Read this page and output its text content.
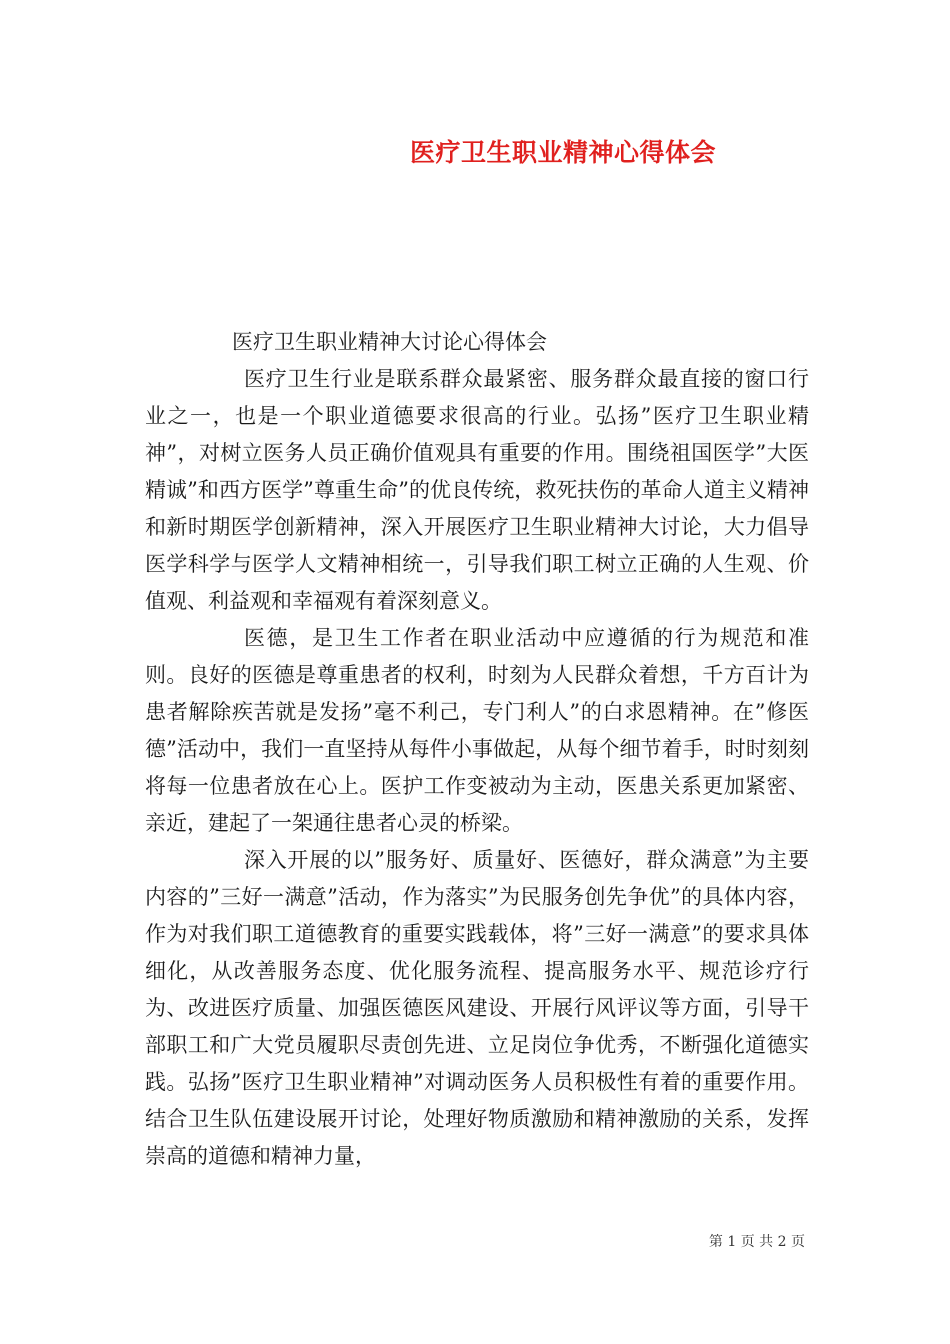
医疗卫生职业精神心得体会
医疗卫生职业精神大讨论心得体会

医疗卫生行业是联系群众最紧密、服务群众最直接的窗口行业之一，也是一个职业道德要求很高的行业。弘扬”医疗卫生职业精神”，对树立医务人员正确价值观具有重要的作用。围绕祖国医学”大医精诚”和西方医学”尊重生命”的优良传统，救死扶伤的革命人道主义精神和新时期医学创新精神，深入开展医疗卫生职业精神大讨论，大力倡导医学科学与医学人文精神相统一，引导我们职工树立正确的人生观、价值观、利益观和幸福观有着深刻意义。

医德，是卫生工作者在职业活动中应遵循的行为规范和准则。良好的医德是尊重患者的权利，时刻为人民群众着想，千方百计为患者解除疾苦就是发扬”毫不利己，专门利人”的白求恩精神。在”修医德”活动中，我们一直坚持从每件小事做起，从每个细节着手，时时刻刻将每一位患者放在心上。医护工作变被动为主动，医患关系更加紧密、亲近，建起了一架通往患者心灵的桥梁。

深入开展的以”服务好、质量好、医德好，群众满意”为主要内容的”三好一满意”活动，作为落实”为民服务创先争优”的具体内容，作为对我们职工道德教育的重要实践载体，将”三好一满意”的要求具体细化，从改善服务态度、优化服务流程、提高服务水平、规范诊疗行为、改进医疗质量、加强医德医风建设、开展行风评议等方面，引导干部职工和广大党员履职尽责创先进、立足岗位争优秀，不断强化道德实践。弘扬”医疗卫生职业精神”对调动医务人员积极性有着的重要作用。结合卫生队伍建设展开讨论，处理好物质激励和精神激励的关系，发挥崇高的道德和精神力量，

第 1 页 共 2 页
